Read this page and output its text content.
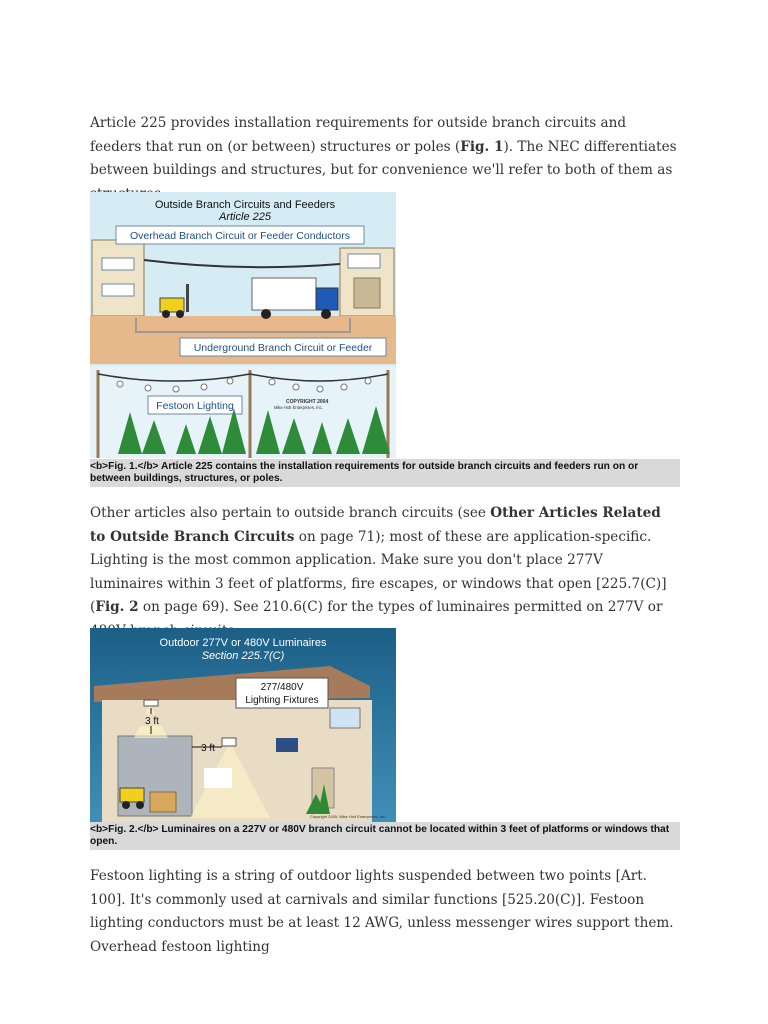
Article 225 provides installation requirements for outside branch circuits and feeders that run on (or between) structures or poles (Fig. 1). The NEC differentiates between buildings and structures, but for convenience we'll refer to both of them as

Outside Branch Circuits and Feeders
Article 225
Overhead Branch Circuit or Feeder Conductors
Underground Branch Circuit or Feeder
Festoon Lighting	COPYRIGHT 2004
Mike Holt Enterprises, Inc.
<b>Fig. 1.</b> Article 225 contains the installation requirements for outside branch circuits and feeders run on or between buildings, structures, or poles.

Other articles also pertain to outside branch circuits (see Other Articles Related to Outside Branch Circuits on page 71); most of these are application-specific. Lighting is the most common application. Make sure you don't place 277V luminaires within 3 feet of platforms, fire escapes, or windows that open [225.7(C)] (Fig. 2 on page 69). See 210.6(C) for the types of luminaires permitted on 277V or

Outdoor 277V or 480V Luminaires
Section 225.7(C)
3 ft
3 ft
277/480V
Lighting Fixtures
Copyright 2005, Mike Holt Enterprises, Inc.
<b>Fig. 2.</b> Luminaires on a 227V or 480V branch circuit cannot be located within 3 feet of platforms or windows that open.

Festoon lighting is a string of outdoor lights suspended between two points [Art. 100]. It's commonly used at carnivals and similar functions [525.20(C)]. Festoon lighting conductors must be at least 12 AWG, unless messenger wires support them. Overhead festoon lighting
